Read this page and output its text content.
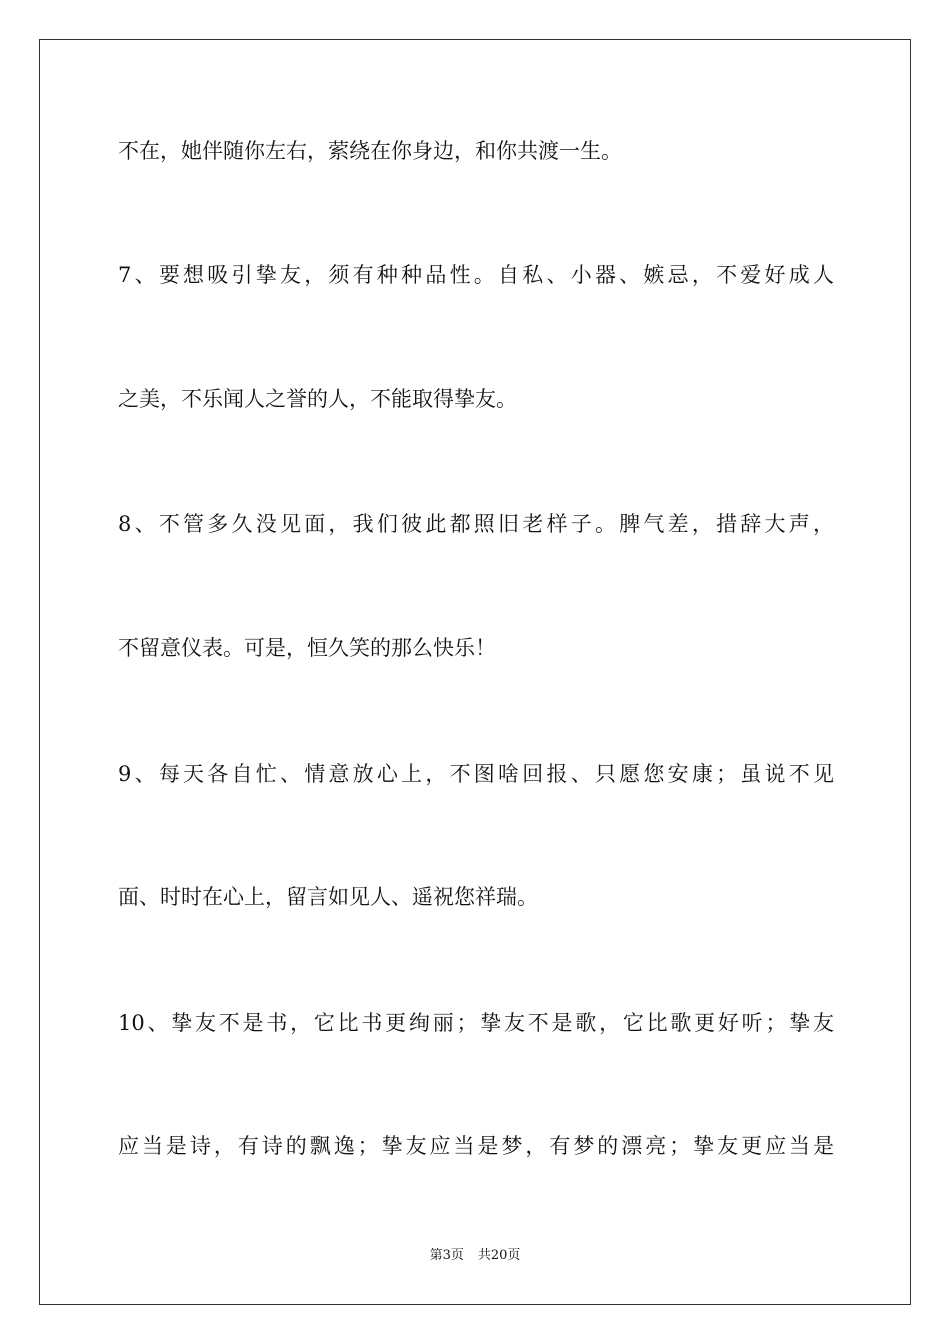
不在，她伴随你左右，萦绕在你身边，和你共渡一生。
7、要想吸引挚友，须有种种品性。自私、小器、嫉忌，不爱好成人
之美，不乐闻人之誉的人，不能取得挚友。
8、不管多久没见面，我们彼此都照旧老样子。脾气差，措辞大声，
不留意仪表。可是，恒久笑的那么快乐！
9、每天各自忙、情意放心上，不图啥回报、只愿您安康；虽说不见
面、时时在心上，留言如见人、遥祝您祥瑞。
10、挚友不是书，它比书更绚丽；挚友不是歌，它比歌更好听；挚友
应当是诗，有诗的飘逸；挚友应当是梦，有梦的漂亮；挚友更应当是
第3页 共20页
